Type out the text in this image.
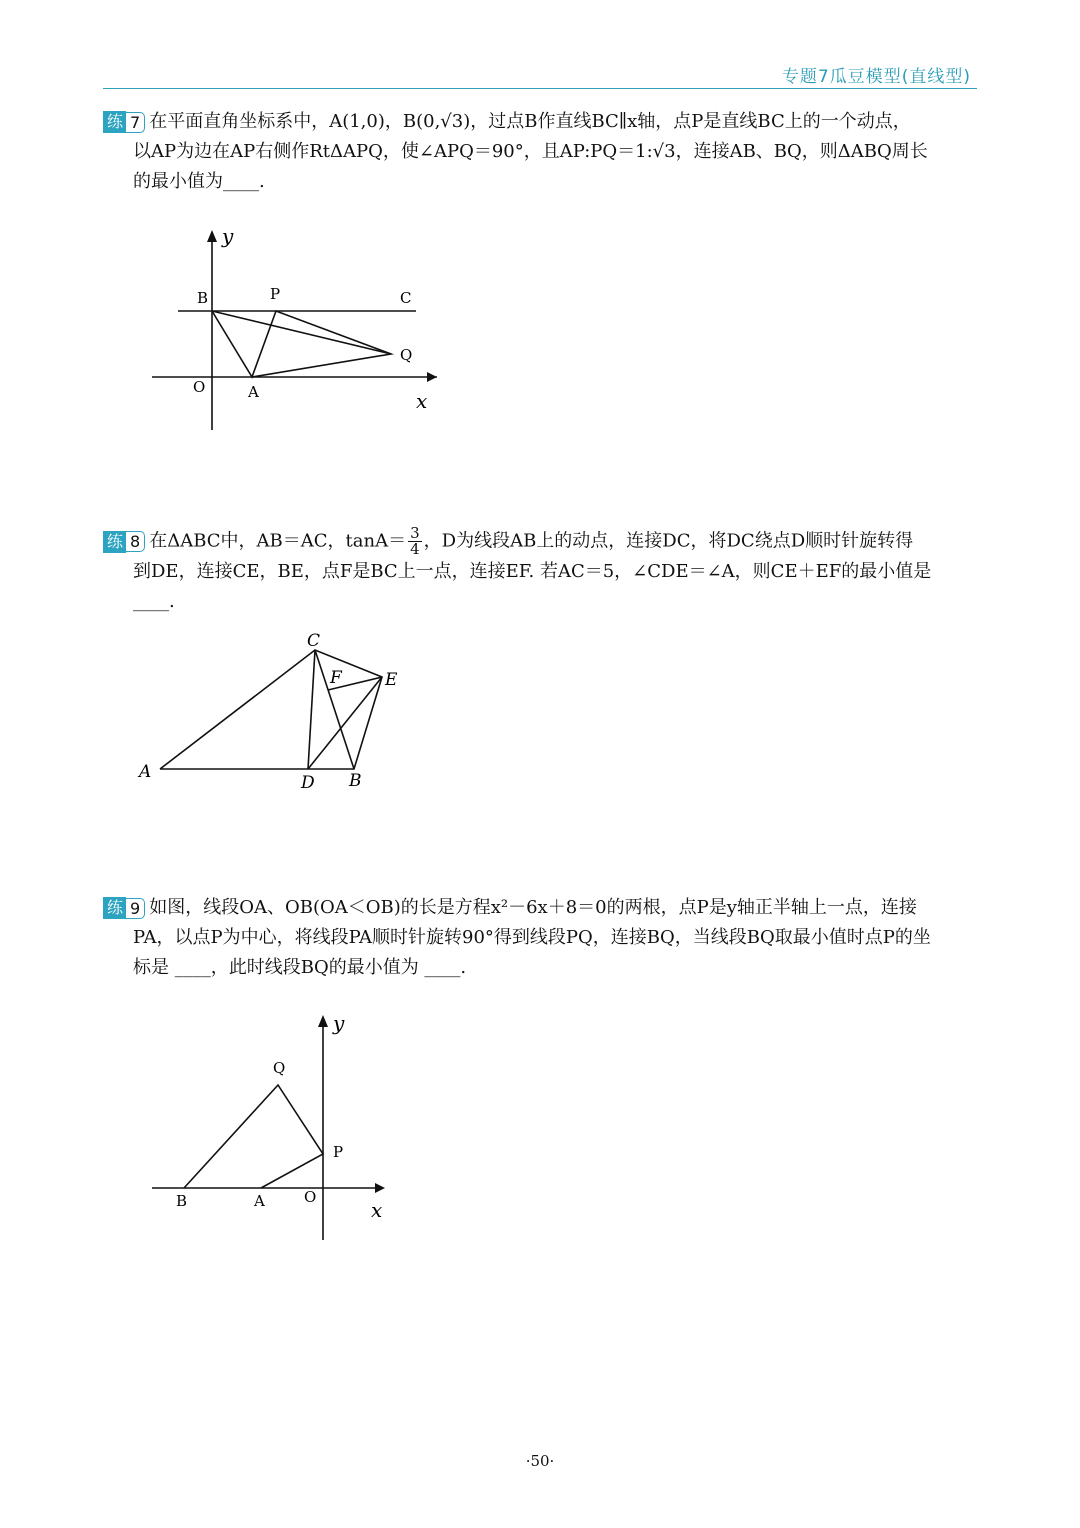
专题7瓜豆模型(直线型)
练 7 在平面直角坐标系中，A(1,0)，B(0,√3)，过点B作直线BC∥x轴，点P是直线BC上的一个动点，
以AP为边在AP右侧作RtΔAPQ，使∠APQ＝90°，且AP:PQ＝1:√3，连接AB、BQ，则ΔABQ周长
的最小值为____.
y
x
B	P	C
Q
O	A
练 8 在ΔABC中，AB＝AC，$\tan A= \frac{3}{4}$ ，D为线段AB上的动点，连接DC，将DC绕点D顺时针旋转得
到DE，连接CE，BE，点F是BC上一点，连接EF. 若AC＝5，∠CDE＝∠A，则CE＋EF的最小值是
____.
C
F	E
A
D B
练 9 如图，线段OA、OB(OA＜OB)的长是方程x²－6x＋8＝0的两根，点P是y轴正半轴上一点，连接
PA，以点P为中心，将线段PA顺时针旋转90°得到线段PQ，连接BQ，当线段BQ取最小值时点P的坐
标是 ____，此时线段BQ的最小值为 ____.
y
x
Q
P
B	A	O
·50·
